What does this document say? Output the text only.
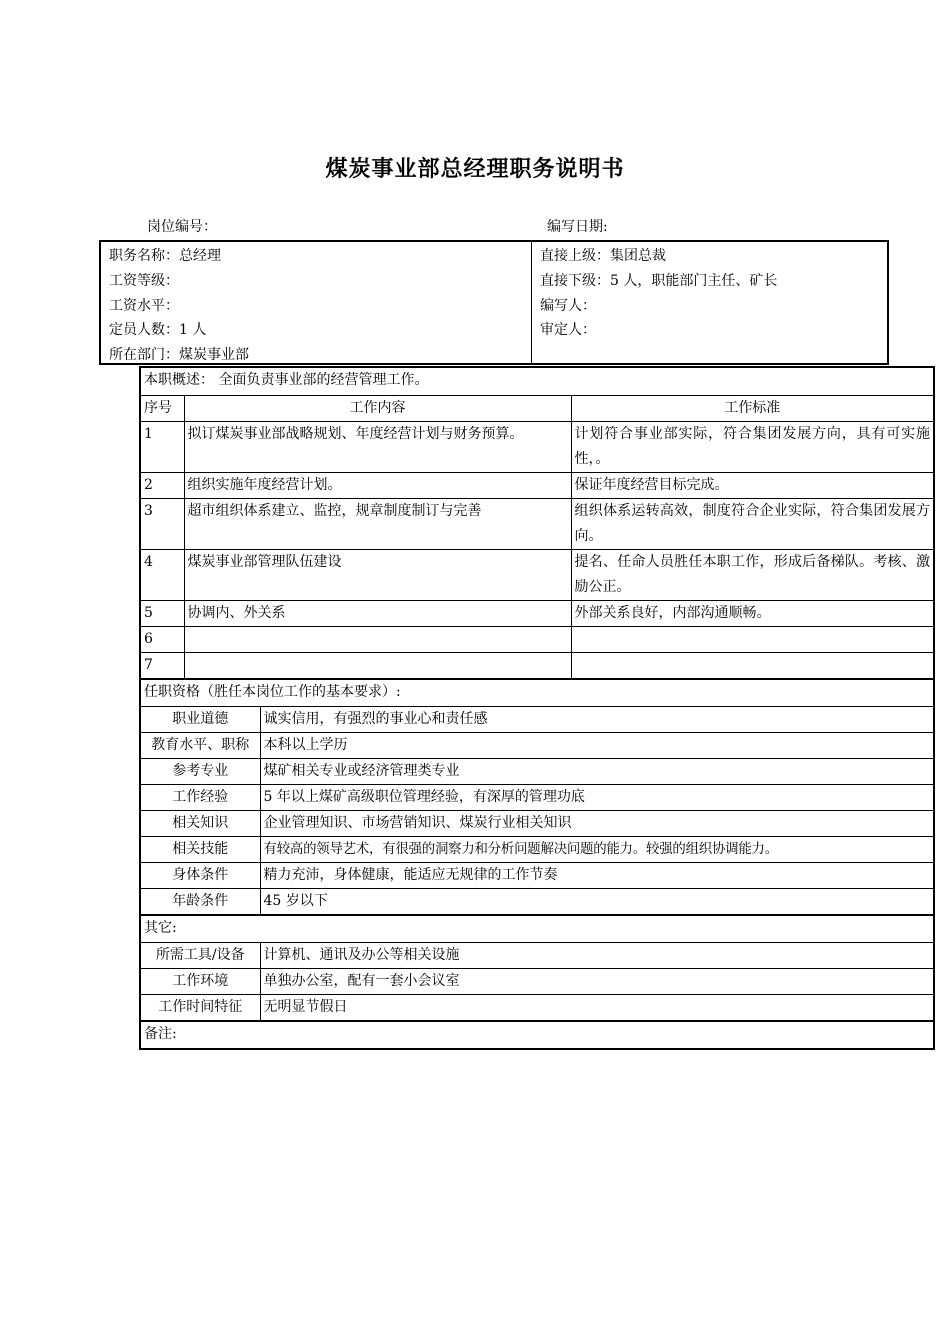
煤炭事业部总经理职务说明书
岗位编号：	编写日期:
职务名称：总经理
工资等级：
工资水平：
定员人数：1 人
所在部门：煤炭事业部
直接上级：集团总裁
直接下级：5 人，职能部门主任、矿长
编写人：
审定人：
本职概述： 全面负责事业部的经营管理工作。			
序号	工作内容		工作标准
1	拟订煤炭事业部战略规划、年度经营计划与财务预算。		计划符合事业部实际，符合集团发展方向，具有可实施性，。
2	组织实施年度经营计划。		保证年度经营目标完成。
3	超市组织体系建立、监控，规章制度制订与完善		组织体系运转高效，制度符合企业实际，符合集团发展方向。
4	煤炭事业部管理队伍建设		提名、任命人员胜任本职工作，形成后备梯队。考核、激励公正。
5	协调内、外关系		外部关系良好，内部沟通顺畅。
6			
7			
任职资格（胜任本岗位工作的基本要求）:			
职业道德		诚实信用，有强烈的事业心和责任感	
教育水平、职称		本科以上学历	
参考专业		煤矿相关专业或经济管理类专业	
工作经验		5 年以上煤矿高级职位管理经验，有深厚的管理功底	
相关知识		企业管理知识、市场营销知识、煤炭行业相关知识	
相关技能		有较高的领导艺术，有很强的洞察力和分析问题解决问题的能力。较强的组织协调能力。	
身体条件		精力充沛，身体健康，能适应无规律的工作节奏	
年龄条件		45 岁以下	
其它:			
所需工具/设备		计算机、通讯及办公等相关设施	
工作环境		单独办公室，配有一套小会议室	
工作时间特征		无明显节假日	
备注:			
